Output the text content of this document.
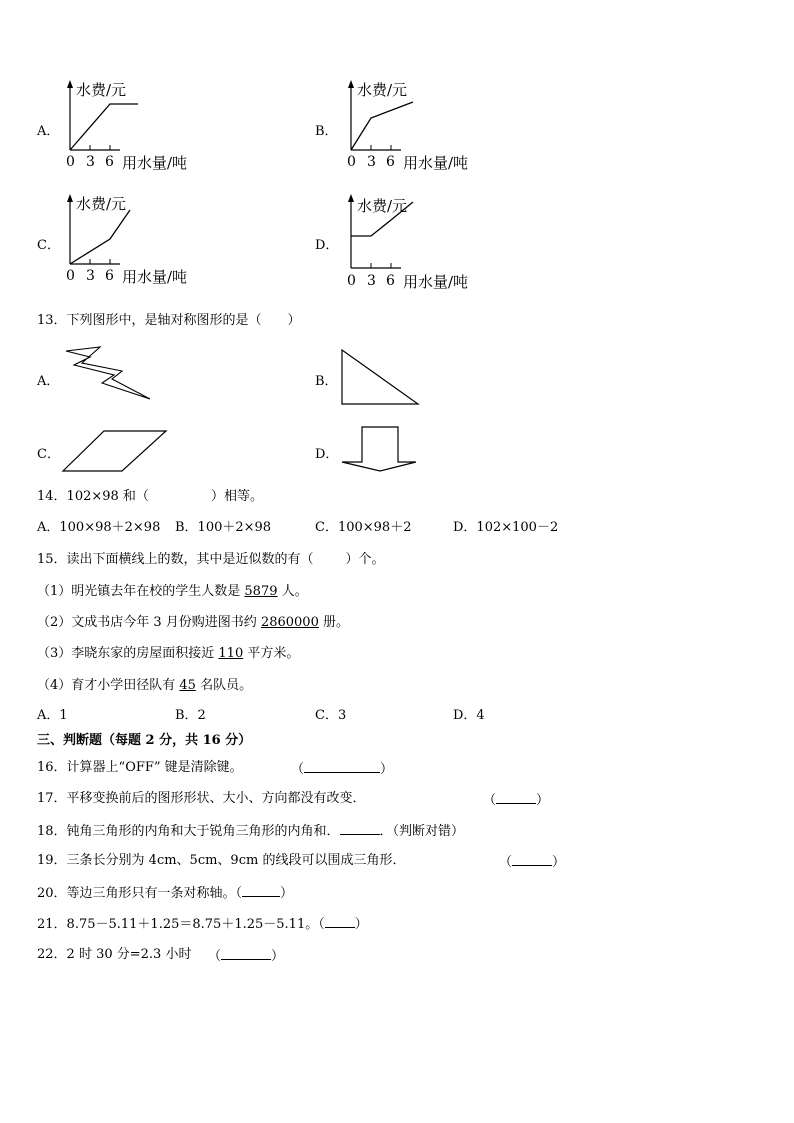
A．
水费/元
0 3 6 用水量/吨
B．
水费/元
0 3 6 用水量/吨
C．
水费/元
0 3 6 用水量/吨
D．
水费/元
0 3 6 用水量/吨
13．下列图形中，是轴对称图形的是（　　）
A．	B．
C．	D．
14．102×98 和（	）相等。
A．100×98＋2×98 B．100＋2×98	C．100×98＋2	D．102×100－2
15．读出下面横线上的数，其中是近似数的有（ ）个。
（1）明光镇去年在校的学生人数是 5879 人。
（2）文成书店今年 3 月份购进图书约 2860000 册。
（3）李晓东家的房屋面积接近 110 平方米。
（4）育才小学田径队有 45 名队员。
A．1	B．2	C．3	D．4
三、判断题（每题 2 分，共 16 分）
16．计算器上“OFF” 键是清除键。	（	）
17．平移变换前后的图形形状、大小、方向都没有改变．	（	）
18．钝角三角形的内角和大于锐角三角形的内角和．	．（判断对错）
19．三条长分别为 4cm、5cm、9cm 的线段可以围成三角形．	（	）
20．等边三角形只有一条对称轴。（	）
21．8.75－5.11＋1.25＝8.75＋1.25－5.11。（ ）
22．2 时 30 分=2.3 小时 （	）
